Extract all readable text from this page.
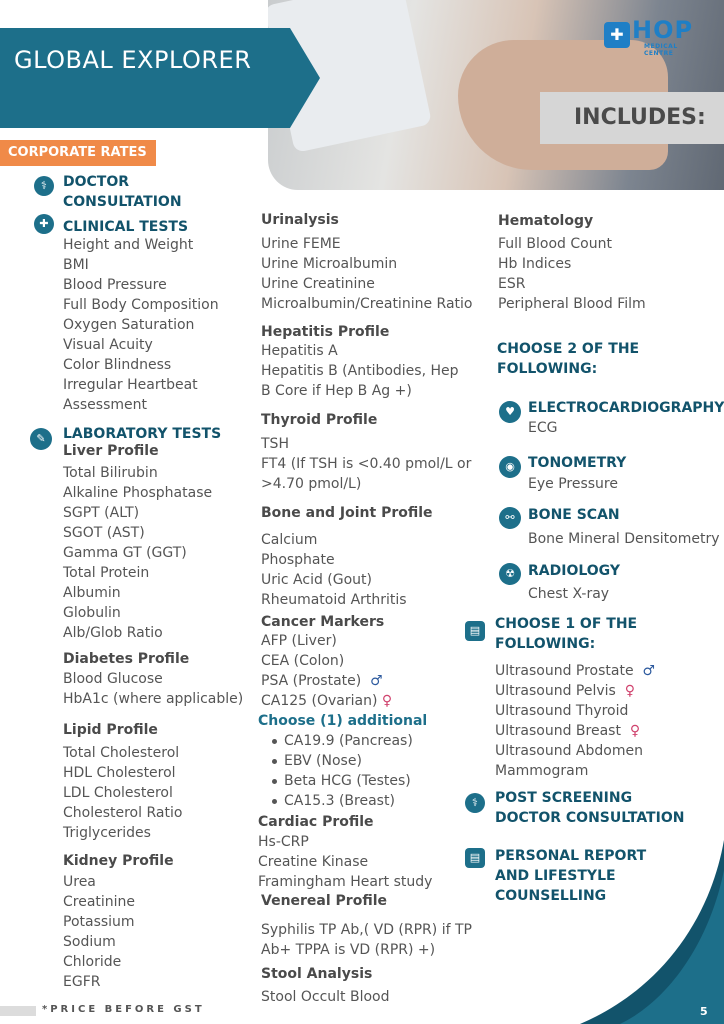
GLOBAL EXPLORER
INCLUDES:
✚ HOP
MEDICAL CENTRE
CORPORATE RATES
⚕	DOCTOR
CONSULTATION
✚	CLINICAL TESTS
Height and Weight
BMI
Blood Pressure
Full Body Composition
Oxygen Saturation
Visual Acuity
Color Blindness
Irregular Heartbeat
Assessment
✎	LABORATORY TESTS
Liver Profile
Total Bilirubin
Alkaline Phosphatase
SGPT (ALT)
SGOT (AST)
Gamma GT (GGT)
Total Protein
Albumin
Globulin
Alb/Glob Ratio
Diabetes Profile
Blood Glucose
HbA1c (where applicable)
Lipid Profile
Total Cholesterol
HDL Cholesterol
LDL Cholesterol
Cholesterol Ratio
Triglycerides
Kidney Profile
Urea
Creatinine
Potassium
Sodium
Chloride
EGFR
Urinalysis
Urine FEME
Urine Microalbumin
Urine Creatinine
Microalbumin/Creatinine Ratio
Hepatitis Profile
Hepatitis A
Hepatitis B (Antibodies, Hep
B Core if Hep B Ag +)
Thyroid Profile
TSH
FT4 (If TSH is <0.40 pmol/L or
>4.70 pmol/L)
Bone and Joint Profile
Calcium
Phosphate
Uric Acid (Gout)
Rheumatoid Arthritis
Cancer Markers
AFP (Liver)
CEA (Colon)
PSA (Prostate) ♂
CA125 (Ovarian) ♀
Choose (1) additional
CA19.9 (Pancreas)
EBV (Nose)
Beta HCG (Testes)
CA15.3 (Breast)
Cardiac Profile
Hs-CRP
Creatine Kinase
Framingham Heart study
Venereal Profile
Syphilis TP Ab,( VD (RPR) if TP
Ab+ TPPA is VD (RPR) +)
Stool Analysis
Stool Occult Blood
Hematology
Full Blood Count
Hb Indices
ESR
Peripheral Blood Film
CHOOSE 2 OF THE
FOLLOWING:
♥ ELECTROCARDIOGRAPHY
ECG
◉ TONOMETRY
Eye Pressure
⚯ BONE SCAN
Bone Mineral Densitometry
☢ RADIOLOGY
Chest X-ray
▤	CHOOSE 1 OF THE
FOLLOWING:
Ultrasound Prostate ♂
Ultrasound Pelvis ♀
Ultrasound Thyroid
Ultrasound Breast ♀
Ultrasound Abdomen
Mammogram
⚕	POST SCREENING
DOCTOR CONSULTATION
▤	PERSONAL REPORT
AND LIFESTYLE
COUNSELLING
*PRICE BEFORE GST	5
